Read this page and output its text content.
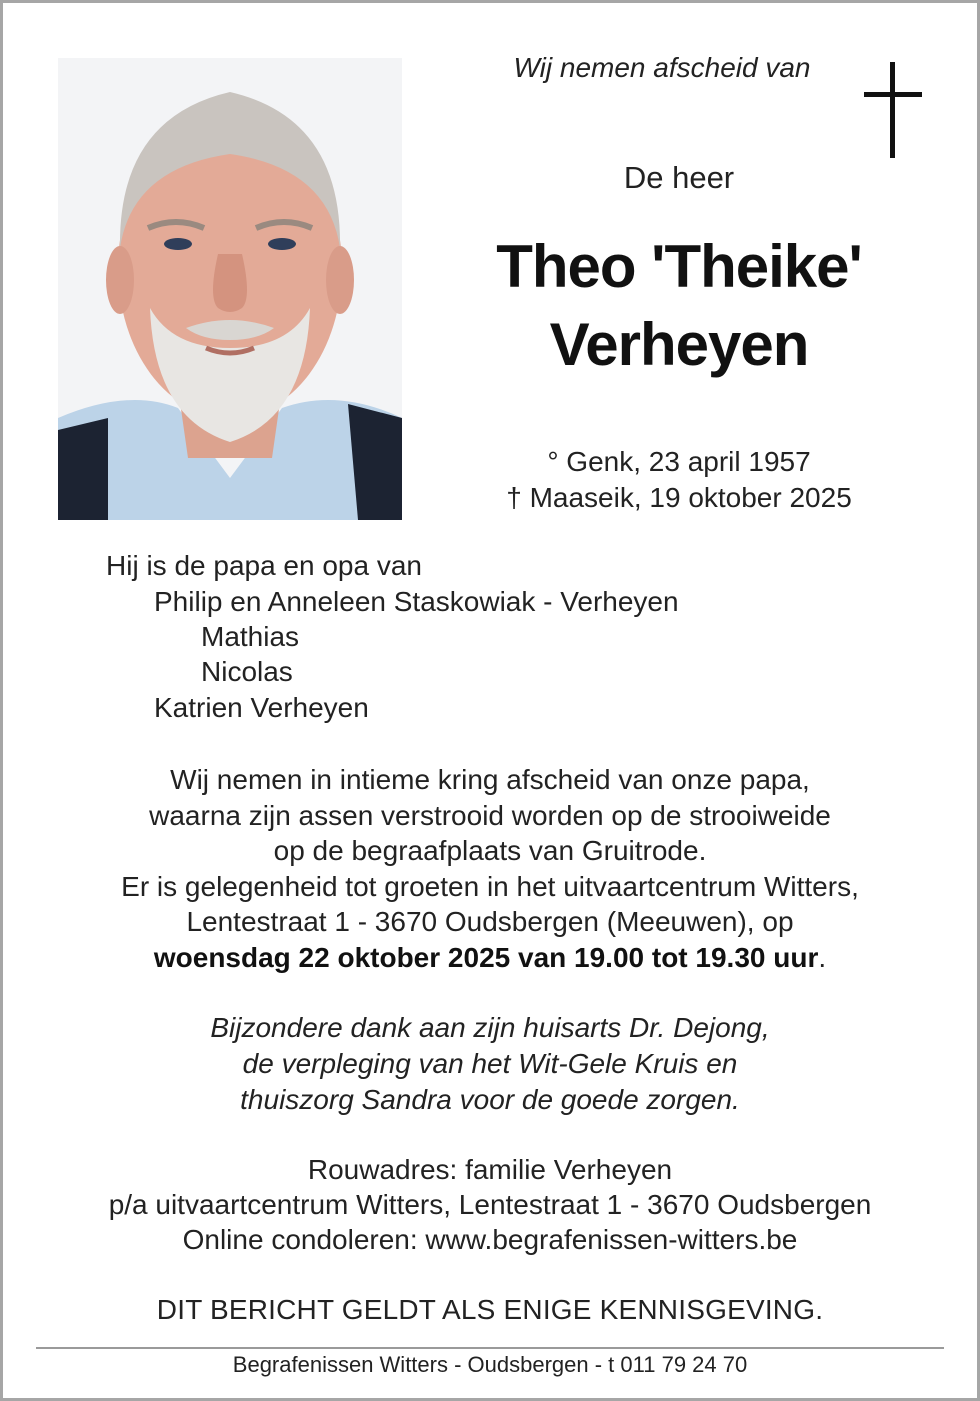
Wij nemen afscheid van
De heer
Theo 'Theike'
Verheyen
° Genk, 23 april 1957
† Maaseik, 19 oktober 2025
Hij is de papa en opa van
Philip en Anneleen Staskowiak - Verheyen
Mathias
Nicolas
Katrien Verheyen

Wij nemen in intieme kring afscheid van onze papa,

waarna zijn assen verstrooid worden op de strooiweide

op de begraafplaats van Gruitrode.

Er is gelegenheid tot groeten in het uitvaartcentrum Witters,

Lentestraat 1 - 3670 Oudsbergen (Meeuwen), op

woensdag 22 oktober 2025 van 19.00 tot 19.30 uur.

Bijzondere dank aan zijn huisarts Dr. Dejong,

de verpleging van het Wit-Gele Kruis en

thuiszorg Sandra voor de goede zorgen.

Rouwadres: familie Verheyen

p/a uitvaartcentrum Witters, Lentestraat 1 - 3670 Oudsbergen

Online condoleren: www.begrafenissen-witters.be

DIT BERICHT GELDT ALS ENIGE KENNISGEVING.
Begrafenissen Witters - Oudsbergen - t 011 79 24 70
